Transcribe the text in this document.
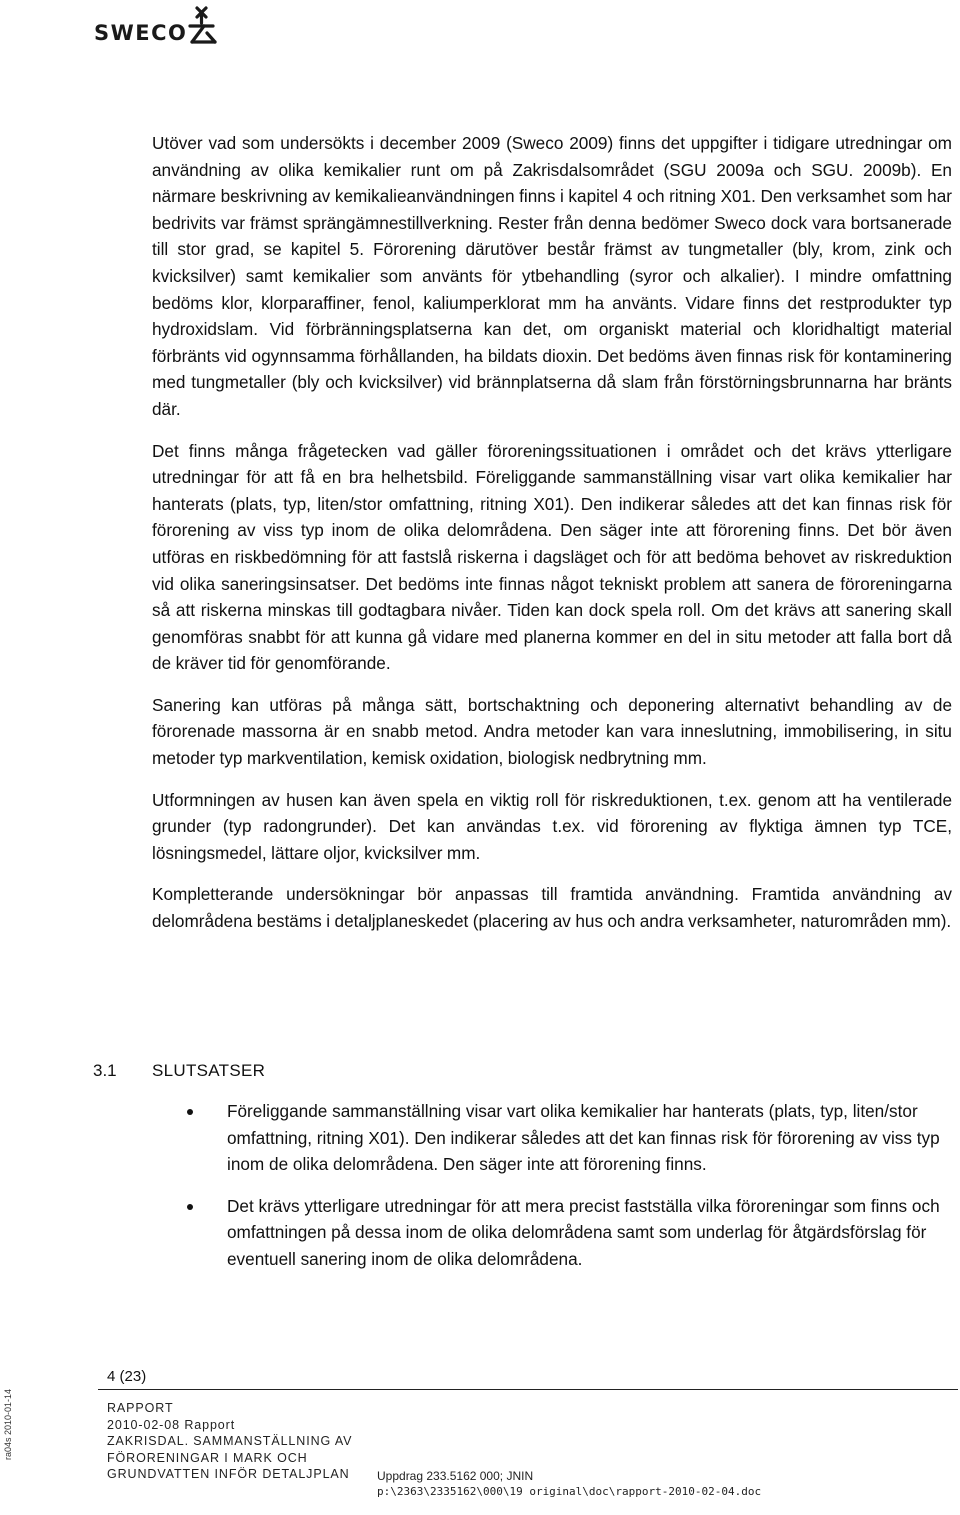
SWECO

Utöver vad som undersökts i december 2009 (Sweco 2009) finns det uppgifter i tidigare utredningar om användning av olika kemikalier runt om på Zakrisdalsområdet (SGU 2009a och SGU. 2009b). En närmare beskrivning av kemikalieanvändningen finns i kapitel 4 och ritning X01. Den verksamhet som har bedrivits var främst sprängämnestillverkning. Rester från denna bedömer Sweco dock vara bortsanerade till stor grad, se kapitel 5. Förorening därutöver består främst av tungmetaller (bly, krom, zink och kvicksilver) samt kemikalier som använts för ytbehandling (syror och alkalier). I mindre omfattning bedöms klor, klorparaffiner, fenol, kaliumperklorat mm ha använts. Vidare finns det restprodukter typ hydroxidslam. Vid förbränningsplatserna kan det, om organiskt material och kloridhaltigt material förbränts vid ogynnsamma förhållanden, ha bildats dioxin. Det bedöms även finnas risk för kontaminering med tungmetaller (bly och kvicksilver) vid brännplatserna då slam från förstörningsbrunnarna har bränts där.

Det finns många frågetecken vad gäller föroreningssituationen i området och det krävs ytterligare utredningar för att få en bra helhetsbild. Föreliggande sammanställning visar vart olika kemikalier har hanterats (plats, typ, liten/stor omfattning, ritning X01). Den indikerar således att det kan finnas risk för förorening av viss typ inom de olika delområdena. Den säger inte att förorening finns. Det bör även utföras en riskbedömning för att fastslå riskerna i dagsläget och för att bedöma behovet av riskreduktion vid olika saneringsinsatser. Det bedöms inte finnas något tekniskt problem att sanera de föroreningarna så att riskerna minskas till godtagbara nivåer. Tiden kan dock spela roll. Om det krävs att sanering skall genomföras snabbt för att kunna gå vidare med planerna kommer en del in situ metoder att falla bort då de kräver tid för genomförande.

Sanering kan utföras på många sätt, bortschaktning och deponering alternativt behandling av de förorenade massorna är en snabb metod. Andra metoder kan vara inneslutning, immobilisering, in situ metoder typ markventilation, kemisk oxidation, biologisk nedbrytning mm.

Utformningen av husen kan även spela en viktig roll för riskreduktionen, t.ex. genom att ha ventilerade grunder (typ radongrunder). Det kan användas t.ex. vid förorening av flyktiga ämnen typ TCE, lösningsmedel, lättare oljor, kvicksilver mm.

Kompletterande undersökningar bör anpassas till framtida användning. Framtida användning av delområdena bestäms i detaljplaneskedet (placering av hus och andra verksamheter, naturområden mm).

3.1 SLUTSATSER
Föreliggande sammanställning visar vart olika kemikalier har hanterats (plats, typ, liten/stor omfattning, ritning X01). Den indikerar således att det kan finnas risk för förorening av viss typ inom de olika delområdena. Den säger inte att förorening finns.
Det krävs ytterligare utredningar för att mera precist fastställa vilka föroreningar som finns och omfattningen på dessa inom de olika delområdena samt som underlag för åtgärdsförslag för eventuell sanering inom de olika delområdena.
ra04s 2010-01-14
4 (23)
RAPPORT
2010-02-08 Rapport
ZAKRISDAL. SAMMANSTÄLLNING AV
FÖRORENINGAR I MARK OCH
GRUNDVATTEN INFÖR DETALJPLAN Uppdrag 233.5162 000; JNIN
p:\2363\2335162\000\19 original\doc\rapport-2010-02-04.doc
